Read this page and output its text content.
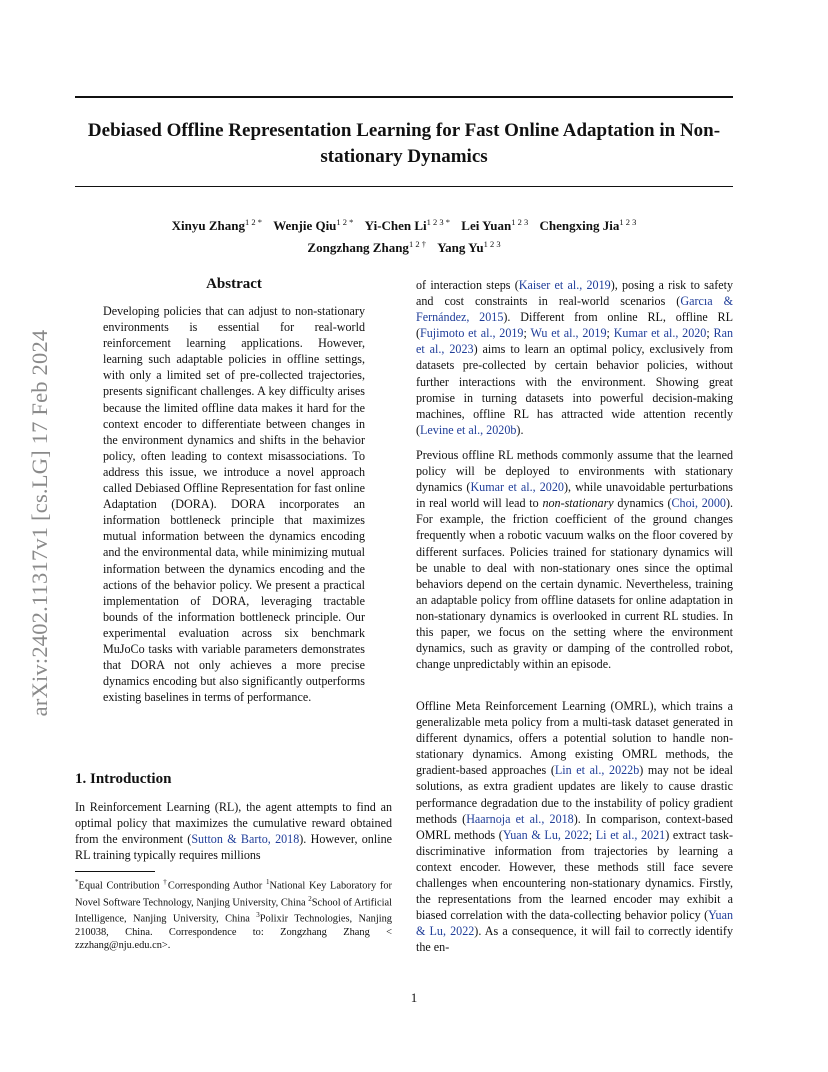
Debiased Offline Representation Learning for Fast Online Adaptation in Non-stationary Dynamics
Xinyu Zhang$^{1 2 *}$ Wenjie Qiu$^{1 2 *}$ Yi-Chen $Li^{1 2 3 *}$ Lei Yuan$^{1 2 3}$ Chengxing Jia$^{1 2 3}$
Zongzhang Zhang$^{1 2 \dagger}$ Yang $Yu^{1 2 3}$
arXiv:2402.11317v1 [cs.LG] 17 Feb 2024
Abstract

Developing policies that can adjust to non-stationary environments is essential for real-world reinforcement learning applications. However, learning such adaptable policies in offline settings, with only a limited set of pre-collected trajectories, presents significant challenges. A key difficulty arises because the limited offline data makes it hard for the context encoder to differentiate between changes in the environment dynamics and shifts in the behavior policy, often leading to context misassociations. To address this issue, we introduce a novel approach called Debiased Offline Representation for fast online Adaptation (DORA). DORA incorporates an information bottleneck principle that maximizes mutual information between the dynamics encoding and the environmental data, while minimizing mutual information between the dynamics encoding and the actions of the behavior policy. We present a practical implementation of DORA, leveraging tractable bounds of the information bottleneck principle. Our experimental evaluation across six benchmark MuJoCo tasks with variable parameters demonstrates that DORA not only achieves a more precise dynamics encoding but also significantly outperforms existing baselines in terms of performance.

1. Introduction

In Reinforcement Learning (RL), the agent attempts to find an optimal policy that maximizes the cumulative reward obtained from the environment (Sutton & Barto, 2018). However, online RL training typically requires millions

*Equal Contribution †Corresponding Author $^1$National Key Laboratory for Novel Software Technology, Nanjing University, China $^2$School of Artificial Intelligence, Nanjing University, China $^3$Polixir Technologies, Nanjing 210038, China. Correspondence to: Zongzhang Zhang < zzzhang@nju.edu.cn>.

of interaction steps (Kaiser et al., 2019), posing a risk to safety and cost constraints in real-world scenarios (Garcıa & Fernández, 2015). Different from online RL, offline RL (Fujimoto et al., 2019; Wu et al., 2019; Kumar et al., 2020; Ran et al., 2023) aims to learn an optimal policy, exclusively from datasets pre-collected by certain behavior policies, without further interactions with the environment. Showing great promise in turning datasets into powerful decision-making machines, offline RL has attracted wide attention recently (Levine et al., 2020b).

Previous offline RL methods commonly assume that the learned policy will be deployed to environments with stationary dynamics (Kumar et al., 2020), while unavoidable perturbations in real world will lead to non-stationary dynamics (Choi, 2000). For example, the friction coefficient of the ground changes frequently when a robotic vacuum walks on the floor covered by different surfaces. Policies trained for stationary dynamics will be unable to deal with non-stationary ones since the optimal behaviors depend on the certain dynamic. Nevertheless, training an adaptable policy from offline datasets for online adaptation in non-stationary dynamics is overlooked in current RL studies. In this paper, we focus on the setting where the environment dynamics, such as gravity or damping of the controlled robot, change unpredictably within an episode.

Offline Meta Reinforcement Learning (OMRL), which trains a generalizable meta policy from a multi-task dataset generated in different dynamics, offers a potential solution to handle non-stationary dynamics. Among existing OMRL methods, the gradient-based approaches (Lin et al., 2022b) may not be ideal solutions, as extra gradient updates are likely to cause drastic performance degradation due to the instability of policy gradient methods (Haarnoja et al., 2018). In comparison, context-based OMRL methods (Yuan & Lu, 2022; Li et al., 2021) extract task-discriminative information from trajectories by learning a context encoder. However, these methods still face severe challenges when encountering non-stationary dynamics. Firstly, the representations from the learned encoder may exhibit a biased correlation with the data-collecting behavior policy (Yuan & Lu, 2022). As a consequence, it will fail to correctly identify the en-

1
